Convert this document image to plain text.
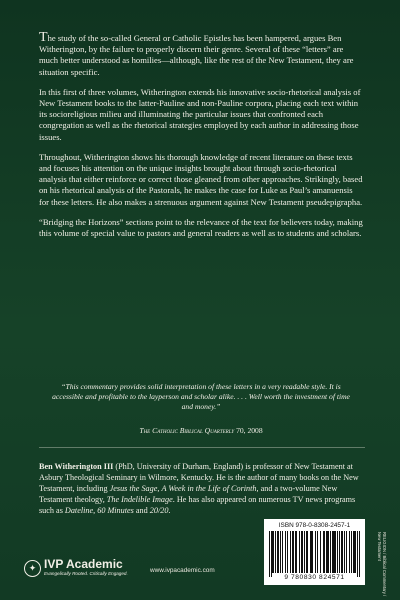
The study of the so-called General or Catholic Epistles has been hampered, argues Ben Witherington, by the failure to properly discern their genre. Several of these “letters” are much better understood as homilies—although, like the rest of the New Testament, they are situation specific.

In this first of three volumes, Witherington extends his innovative socio-rhetorical analysis of New Testament books to the latter-Pauline and non-Pauline corpora, placing each text within its socioreligious milieu and illuminating the particular issues that confronted each congregation as well as the rhetorical strategies employed by each author in addressing those issues.

Throughout, Witherington shows his thorough knowledge of recent literature on these texts and focuses his attention on the unique insights brought about through socio-rhetorical analysis that either reinforce or correct those gleaned from other approaches. Strikingly, based on his rhetorical analysis of the Pastorals, he makes the case for Luke as Paul’s amanuensis for these letters. He also makes a strenuous argument against New Testament pseudepigrapha.

“Bridging the Horizons” sections point to the relevance of the text for believers today, making this volume of special value to pastors and general readers as well as to students and scholars.

“This commentary provides solid interpretation of these letters in a very readable style. It is accessible and profitable to the layperson and scholar alike. . . . Well worth the investment of time and money.”
The Catholic Biblical Quarterly 70, 2008

Ben Witherington III (PhD, University of Durham, England) is professor of New Testament at Asbury Theological Seminary in Wilmore, Kentucky. He is the author of many books on the New Testament, including Jesus the Sage, A Week in the Life of Corinth, and a two-volume New Testament theology, The Indelible Image. He has also appeared on numerous TV news programs such as Dateline, 60 Minutes and 20/20.

✦ IVP Academic
Evangelically Rooted. Critically Engaged.	www.ivpacademic.com
ISBN 978-0-8308-2457-1
9 780830 824571	RELIGION / Biblical Commentary /
New Testament
